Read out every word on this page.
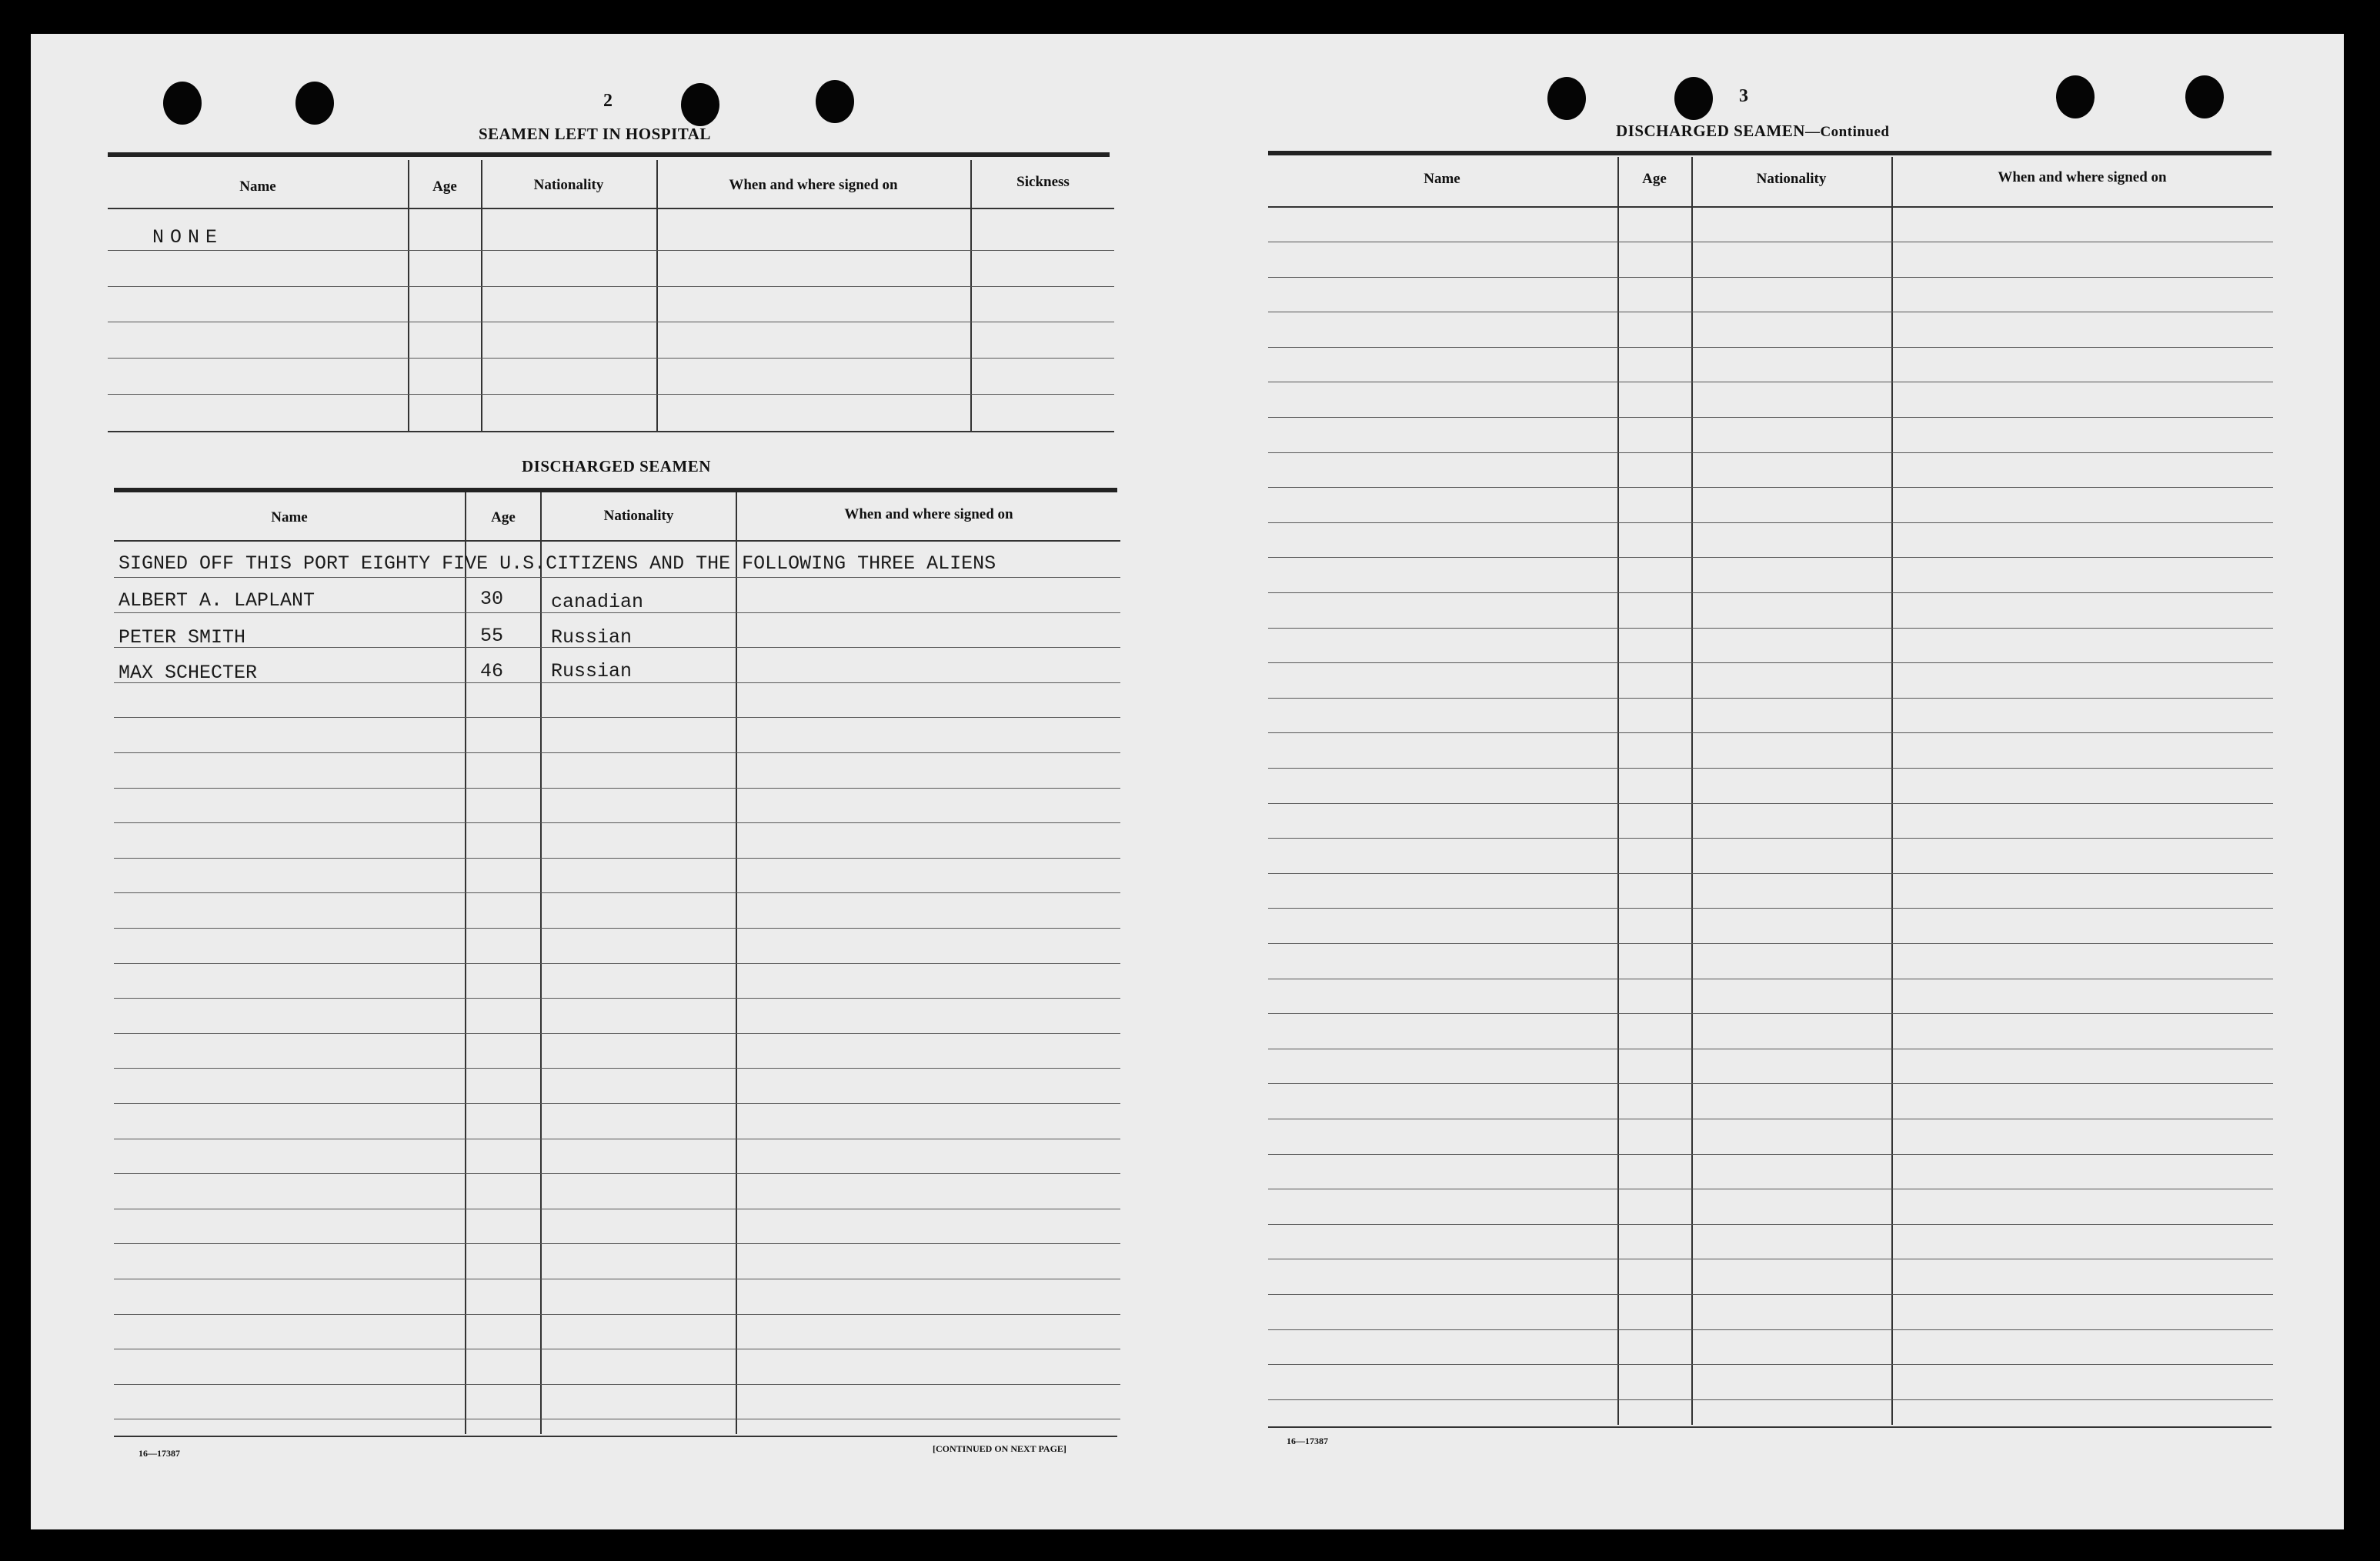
2
SEAMEN LEFT IN HOSPITAL
Name	Age	Nationality	When and where signed on	Sickness
NONE
DISCHARGED SEAMEN
Name	Age	Nationality	When and where signed on
SIGNED OFF THIS PORT EIGHTY FIVE U.S.CITIZENS AND THE FOLLOWING THREE ALIENS
ALBERT A. LAPLANT	30 canadian
PETER SMITH	55 Russian
MAX SCHECTER	46 Russian
16—17387	[CONTINUED ON NEXT PAGE]
3
DISCHARGED SEAMEN—Continued
Name	Age	Nationality	When and where signed on
16—17387
